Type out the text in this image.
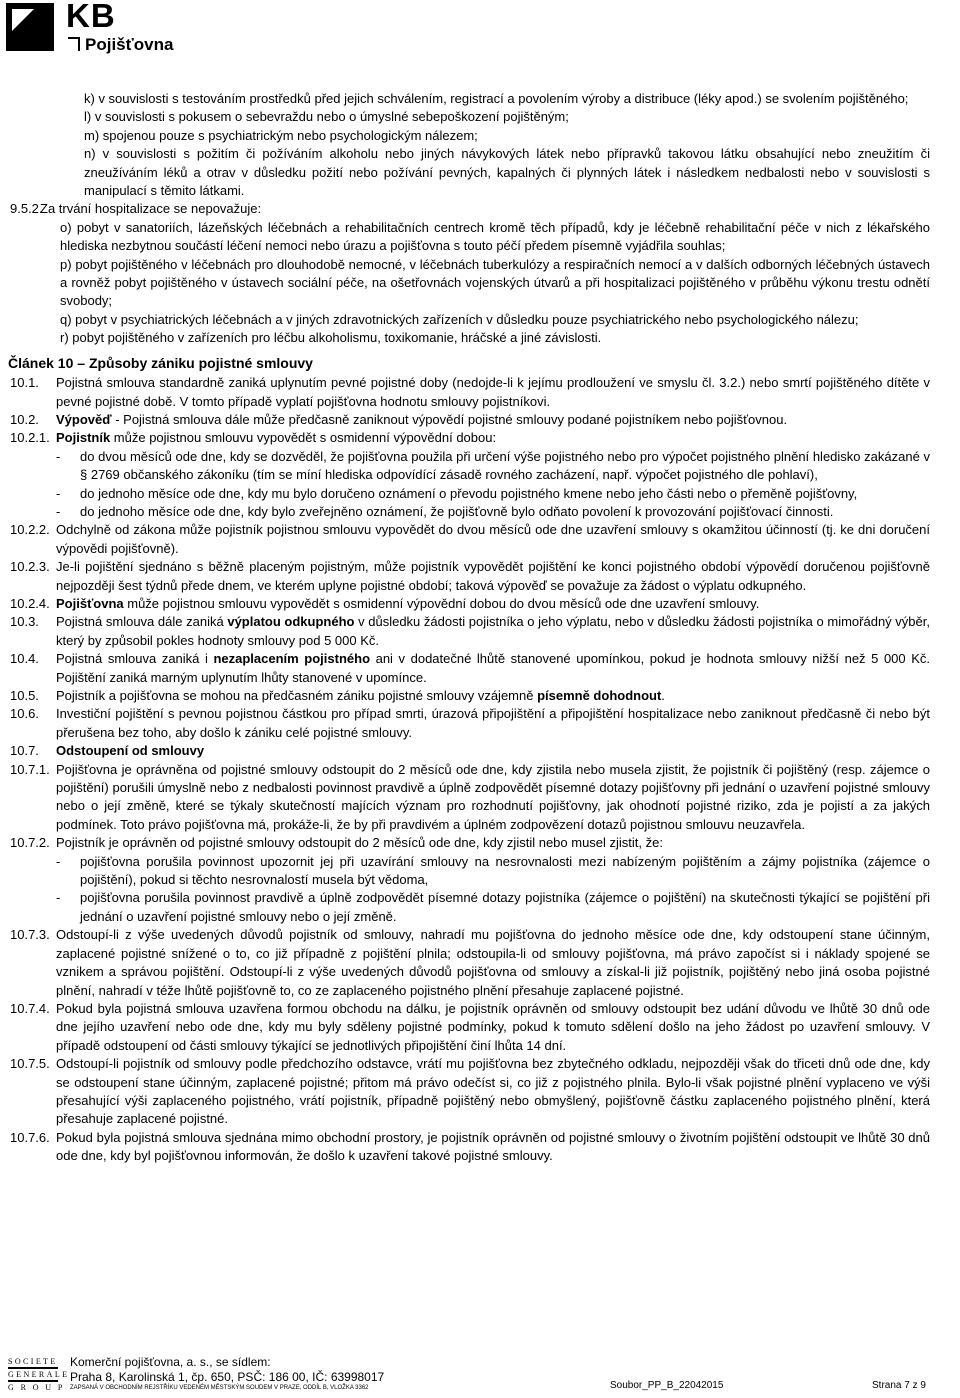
KB
Pojišťovna

k) v souvislosti s testováním prostředků před jejich schválením, registrací a povolením výroby a distribuce (léky apod.) se svolením pojištěného;

l) v souvislosti s pokusem o sebevraždu nebo o úmyslné sebepoškození pojištěným;

m) spojenou pouze s psychiatrickým nebo psychologickým nálezem;

n) v souvislosti s požitím či požíváním alkoholu nebo jiných návykových látek nebo přípravků takovou látku obsahující nebo zneužitím či zneužíváním léků a otrav v důsledku požití nebo požívání pevných, kapalných či plynných látek i následkem nedbalosti nebo v souvislosti s manipulací s těmito látkami.

9.5.2.

Za trvání hospitalizace se nepovažuje:

o) pobyt v sanatoriích, lázeňských léčebnách a rehabilitačních centrech kromě těch případů, kdy je léčebně rehabilitační péče v nich z lékařského hlediska nezbytnou součástí léčení nemoci nebo úrazu a pojišťovna s touto péčí předem písemně vyjádřila souhlas;

p) pobyt pojištěného v léčebnách pro dlouhodobě nemocné, v léčebnách tuberkulózy a respiračních nemocí a v dalších odborných léčebných ústavech a rovněž pobyt pojištěného v ústavech sociální péče, na ošetřovnách vojenských útvarů a při hospitalizaci pojištěného v průběhu výkonu trestu odnětí svobody;

q) pobyt v psychiatrických léčebnách a v jiných zdravotnických zařízeních v důsledku pouze psychiatrického nebo psychologického nálezu;

r) pobyt pojištěného v zařízeních pro léčbu alkoholismu, toxikomanie, hráčské a jiné závislosti.

Článek 10 – Způsoby zániku pojistné smlouvy

10.1. Pojistná smlouva standardně zaniká uplynutím pevné pojistné doby (nedojde-li k jejímu prodloužení ve smyslu čl. 3.2.) nebo smrtí pojištěného dítěte v pevné pojistné době. V tomto případě vyplatí pojišťovna hodnotu smlouvy pojistníkovi.

10.2. Výpověď - Pojistná smlouva dále může předčasně zaniknout výpovědí pojistné smlouvy podané pojistníkem nebo pojišťovnou.

10.2.1. Pojistník může pojistnou smlouvu vypovědět s osmidenní výpovědní dobou:

- do dvou měsíců ode dne, kdy se dozvěděl, že pojišťovna použila při určení výše pojistného nebo pro výpočet pojistného plnění hledisko zakázané v § 2769 občanského zákoníku (tím se míní hlediska odpovídící zásadě rovného zacházení, např. výpočet pojistného dle pohlaví),

- do jednoho měsíce ode dne, kdy mu bylo doručeno oznámení o převodu pojistného kmene nebo jeho části nebo o přeměně pojišťovny,

- do jednoho měsíce ode dne, kdy bylo zveřejněno oznámení, že pojišťovně bylo odňato povolení k provozování pojišťovací činnosti.

10.2.2. Odchylně od zákona může pojistník pojistnou smlouvu vypovědět do dvou měsíců ode dne uzavření smlouvy s okamžitou účinností (tj. ke dni doručení výpovědi pojišťovně).

10.2.3. Je-li pojištění sjednáno s běžně placeným pojistným, může pojistník vypovědět pojištění ke konci pojistného období výpovědí doručenou pojišťovně nejpozději šest týdnů přede dnem, ve kterém uplyne pojistné období; taková výpověď se považuje za žádost o výplatu odkupného.

10.2.4. Pojišťovna může pojistnou smlouvu vypovědět s osmidenní výpovědní dobou do dvou měsíců ode dne uzavření smlouvy.

10.3. Pojistná smlouva dále zaniká výplatou odkupného v důsledku žádosti pojistníka o jeho výplatu, nebo v důsledku žádosti pojistníka o mimořádný výběr, který by způsobil pokles hodnoty smlouvy pod 5 000 Kč.

10.4. Pojistná smlouva zaniká i nezaplacením pojistného ani v dodatečné lhůtě stanovené upomínkou, pokud je hodnota smlouvy nižší než 5 000 Kč. Pojištění zaniká marným uplynutím lhůty stanovené v upomínce.

10.5. Pojistník a pojišťovna se mohou na předčasném zániku pojistné smlouvy vzájemně písemně dohodnout.

10.6. Investiční pojištění s pevnou pojistnou částkou pro případ smrti, úrazová připojištění a připojištění hospitalizace nebo zaniknout předčasně či nebo být přerušena bez toho, aby došlo k zániku celé pojistné smlouvy.

10.7. Odstoupení od smlouvy

10.7.1. Pojišťovna je oprávněna od pojistné smlouvy odstoupit do 2 měsíců ode dne, kdy zjistila nebo musela zjistit, že pojistník či pojištěný (resp. zájemce o pojištění) porušili úmyslně nebo z nedbalosti povinnost pravdivě a úplně zodpovědět písemné dotazy pojišťovny při jednání o uzavření pojistné smlouvy nebo o její změně, které se týkaly skutečností majících význam pro rozhodnutí pojišťovny, jak ohodnotí pojistné riziko, zda je pojistí a za jakých podmínek. Toto právo pojišťovna má, prokáže-li, že by při pravdivém a úplném zodpovězení dotazů pojistnou smlouvu neuzavřela.

10.7.2. Pojistník je oprávněn od pojistné smlouvy odstoupit do 2 měsíců ode dne, kdy zjistil nebo musel zjistit, že:

- pojišťovna porušila povinnost upozornit jej při uzavírání smlouvy na nesrovnalosti mezi nabízeným pojištěním a zájmy pojistníka (zájemce o pojištění), pokud si těchto nesrovnalostí musela být vědoma,

- pojišťovna porušila povinnost pravdivě a úplně zodpovědět písemné dotazy pojistníka (zájemce o pojištění) na skutečnosti týkající se pojištění při jednání o uzavření pojistné smlouvy nebo o její změně.

10.7.3. Odstoupí-li z výše uvedených důvodů pojistník od smlouvy, nahradí mu pojišťovna do jednoho měsíce ode dne, kdy odstoupení stane účinným, zaplacené pojistné snížené o to, co již případně z pojištění plnila; odstoupila-li od smlouvy pojišťovna, má právo započíst si i náklady spojené se vznikem a správou pojištění. Odstoupí-li z výše uvedených důvodů pojišťovna od smlouvy a získal-li již pojistník, pojištěný nebo jiná osoba pojistné plnění, nahradí v téže lhůtě pojišťovně to, co ze zaplaceného pojistného plnění přesahuje zaplacené pojistné.

10.7.4. Pokud byla pojistná smlouva uzavřena formou obchodu na dálku, je pojistník oprávněn od smlouvy odstoupit bez udání důvodu ve lhůtě 30 dnů ode dne jejího uzavření nebo ode dne, kdy mu byly sděleny pojistné podmínky, pokud k tomuto sdělení došlo na jeho žádost po uzavření smlouvy. V případě odstoupení od části smlouvy týkající se jednotlivých připojištění činí lhůta 14 dní.

10.7.5. Odstoupí-li pojistník od smlouvy podle předchozího odstavce, vrátí mu pojišťovna bez zbytečného odkladu, nejpozději však do třiceti dnů ode dne, kdy se odstoupení stane účinným, zaplacené pojistné; přitom má právo odečíst si, co již z pojistného plnila. Bylo-li však pojistné plnění vyplaceno ve výši přesahující výši zaplaceného pojistného, vrátí pojistník, případně pojištěný nebo obmyšlený, pojišťovně částku zaplaceného pojistného plnění, která přesahuje zaplacené pojistné.

10.7.6. Pokud byla pojistná smlouva sjednána mimo obchodní prostory, je pojistník oprávněn od pojistné smlouvy o životním pojištění odstoupit ve lhůtě 30 dnů ode dne, kdy byl pojišťovnou informován, že došlo k uzavření takové pojistné smlouvy.

SOCIETE
GENERALE
G R O U P
Komerční pojišťovna, a. s., se sídlem:
Praha 8, Karolinská 1, čp. 650, PSČ: 186 00, IČ: 63998017
ZAPSANÁ V OBCHODNÍM REJSTŘÍKU VEDENÉM MĚSTSKÝM SOUDEM V PRAZE, ODDÍL B, VLOŽKA 3362	Soubor_PP_B_22042015	Strana 7 z 9
